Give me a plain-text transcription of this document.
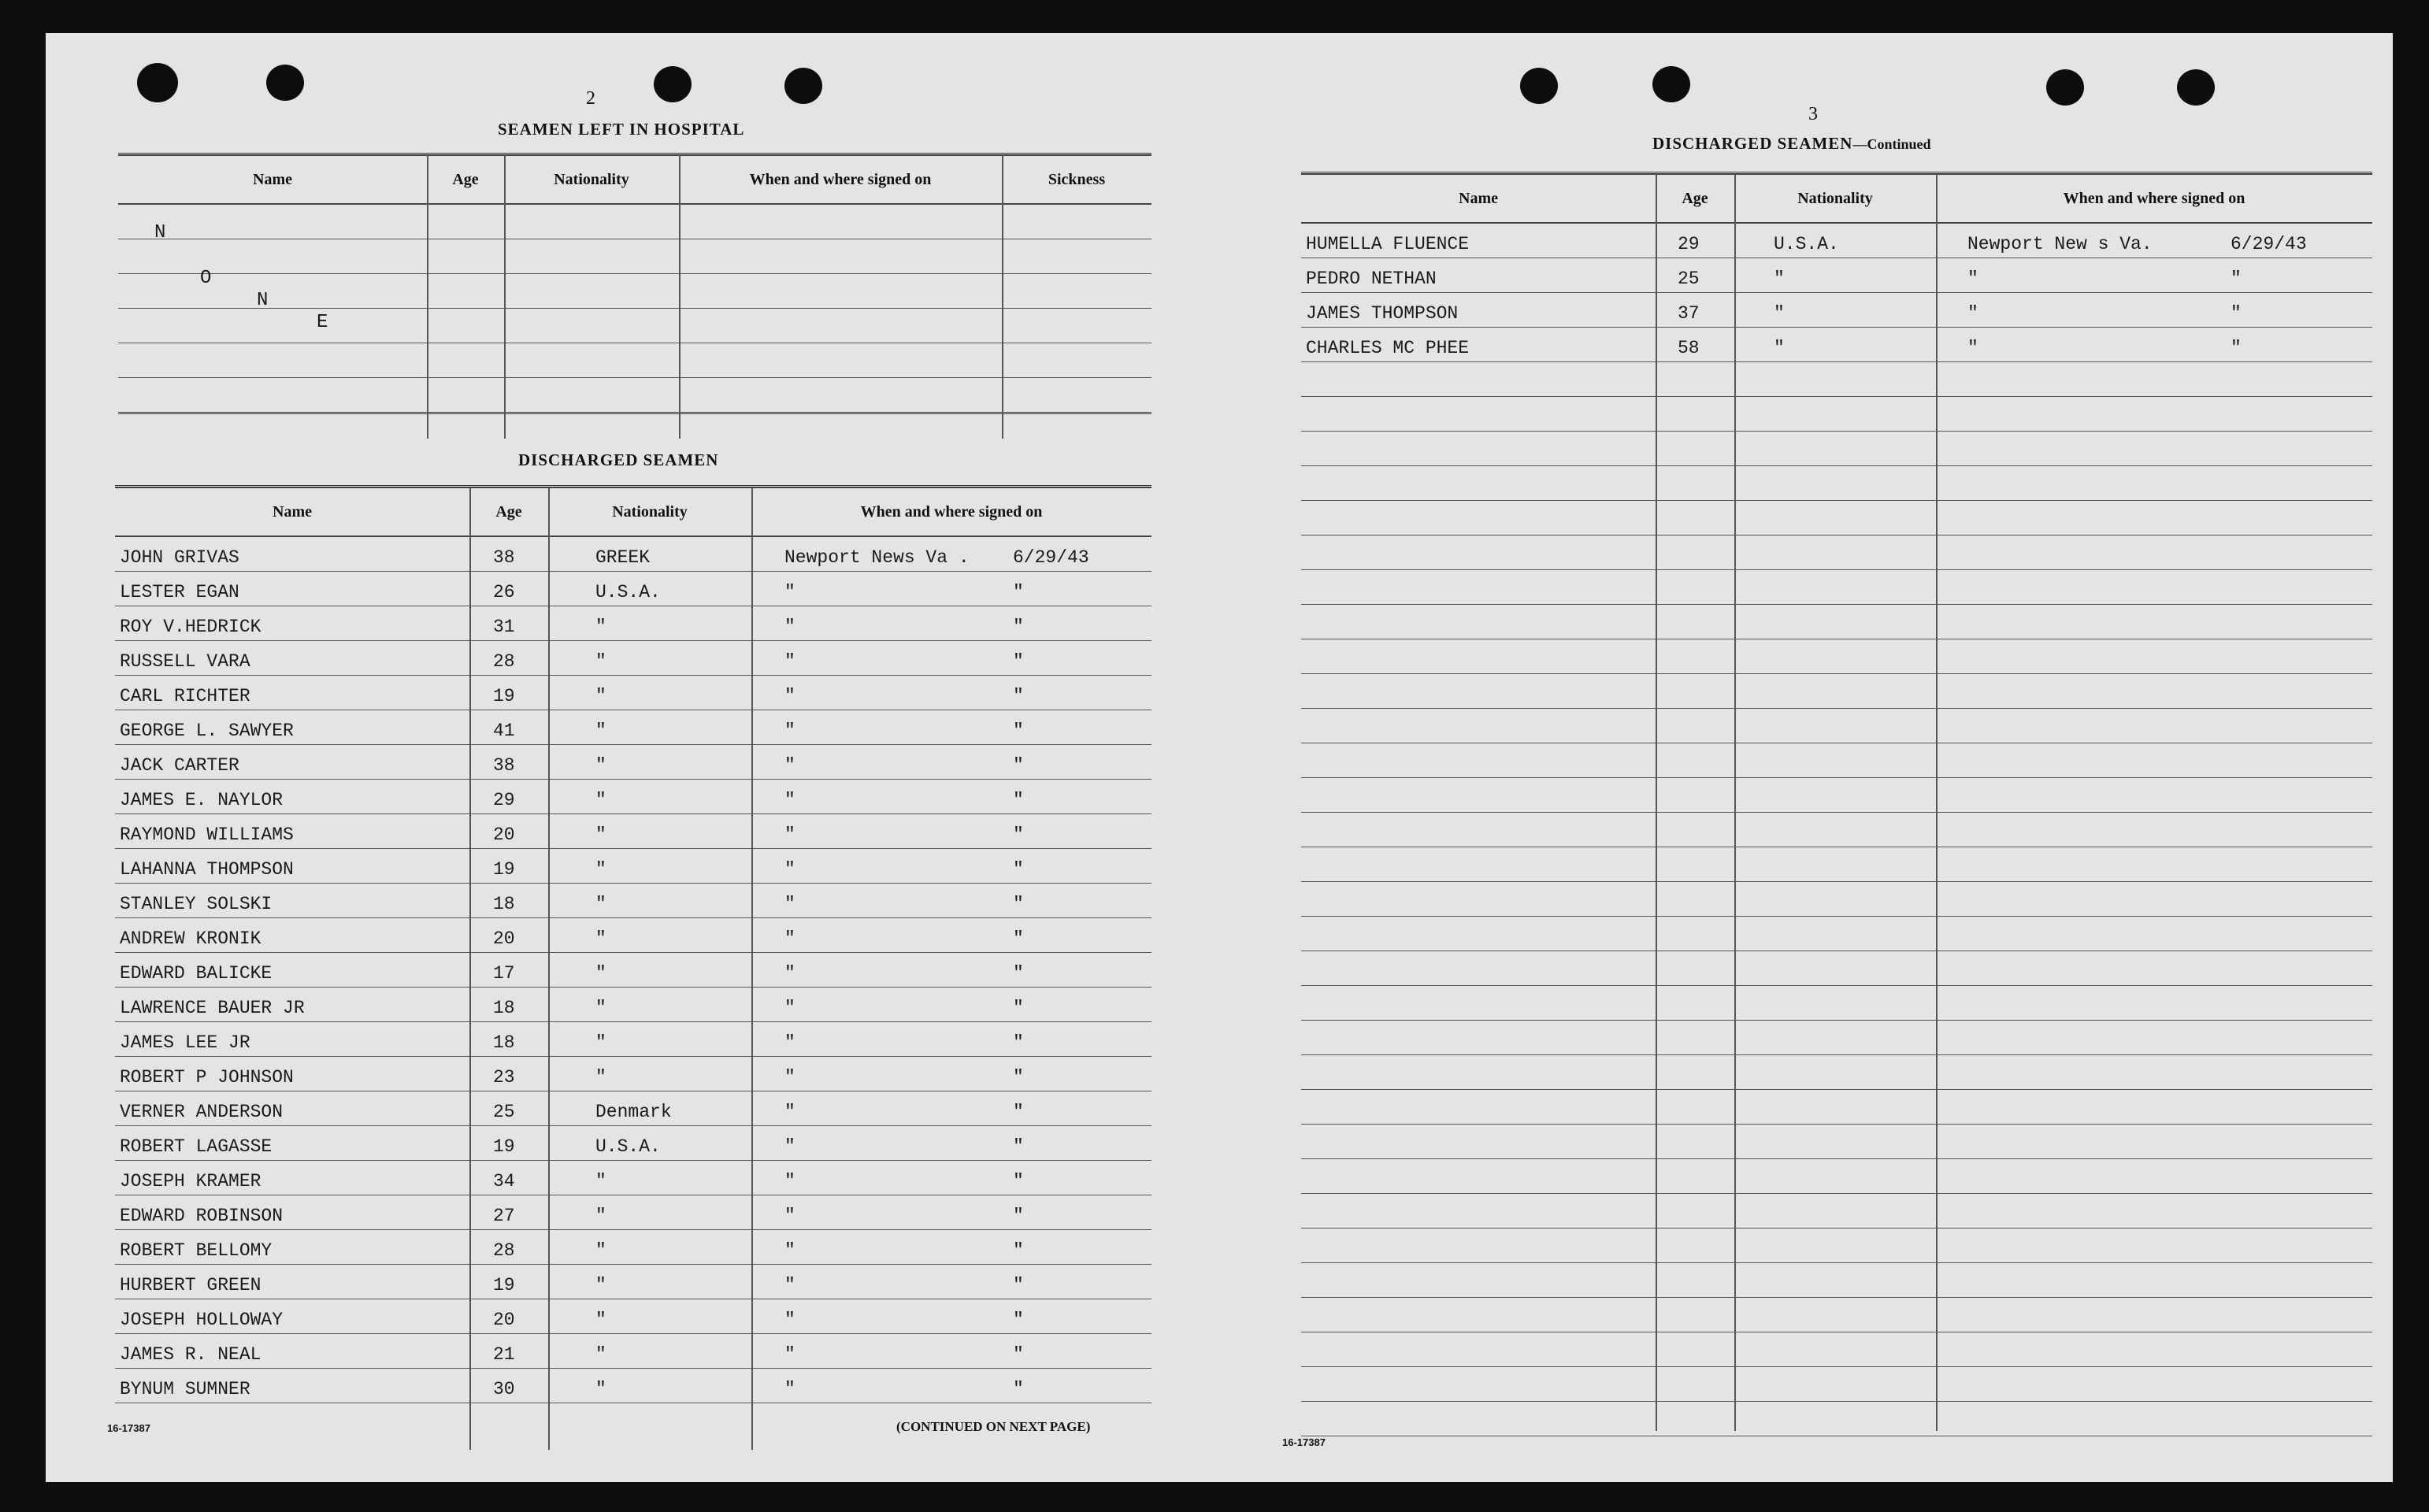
2
SEAMEN LEFT IN HOSPITAL
Name	Age	Nationality	When and where signed on	Sickness
N
O
N
E
DISCHARGED SEAMEN
Name	Age	Nationality	When and where signed on
JOHN GRIVAS	38	GREEK	Newport News Va . 6/29/43
LESTER EGAN	26	U.S.A.	"	"
ROY V.HEDRICK	31	"	"	"
RUSSELL VARA	28	"	"	"
CARL RICHTER	19	"	"	"
GEORGE L. SAWYER	41	"	"	"
JACK CARTER	38	"	"	"
JAMES E. NAYLOR	29	"	"	"
RAYMOND WILLIAMS	20	"	"	"
LAHANNA THOMPSON	19	"	"	"
STANLEY SOLSKI	18	"	"	"
ANDREW KRONIK	20	"	"	"
EDWARD BALICKE	17	"	"	"
LAWRENCE BAUER JR	18	"	"	"
JAMES LEE JR	18	"	"	"
ROBERT P JOHNSON	23	"	"	"
VERNER ANDERSON	25	Denmark	"	"
ROBERT LAGASSE	19	U.S.A.	"	"
JOSEPH KRAMER	34	"	"	"
EDWARD ROBINSON	27	"	"	"
ROBERT BELLOMY	28	"	"	"
HURBERT GREEN	19	"	"	"
JOSEPH HOLLOWAY	20	"	"	"
JAMES R. NEAL	21	"	"	"
BYNUM SUMNER	30	"	"	"
16-17387	(CONTINUED ON NEXT PAGE)
3
DISCHARGED SEAMEN—Continued
Name	Age	Nationality	When and where signed on
HUMELLA FLUENCE	29	U.S.A.	Newport New s Va.	6/29/43
PEDRO NETHAN	25	"	"	"
JAMES THOMPSON	37	"	"	"
CHARLES MC PHEE	58	"	"	"
16-17387
